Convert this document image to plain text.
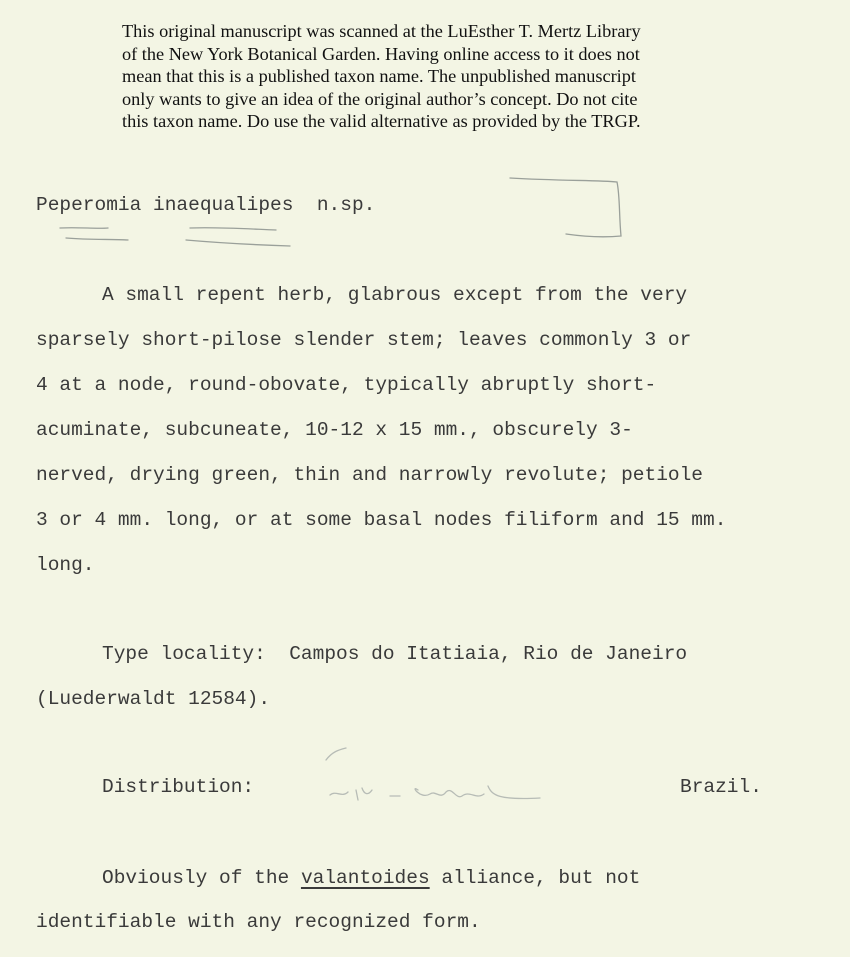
This original manuscript was scanned at the LuEsther T. Mertz Library
of the New York Botanical Garden. Having online access to it does not
mean that this is a published taxon name. The unpublished manuscript
only wants to give an idea of the original author’s concept. Do not cite
this taxon name. Do use the valid alternative as provided by the TRGP.
Peperomia inaequalipes n.sp.
A small repent herb, glabrous except from the very
sparsely short-pilose slender stem; leaves commonly 3 or
4 at a node, round-obovate, typically abruptly short-
acuminate, subcuneate, 10-12 x 15 mm., obscurely 3-
nerved, drying green, thin and narrowly revolute; petiole
3 or 4 mm. long, or at some basal nodes filiform and 15 mm.
long.
Type locality: Campos do Itatiaia, Rio de Janeiro
(Luederwaldt 12584).
Distribution:	Brazil.
Obviously of the valantoides alliance, but not
identifiable with any recognized form.
